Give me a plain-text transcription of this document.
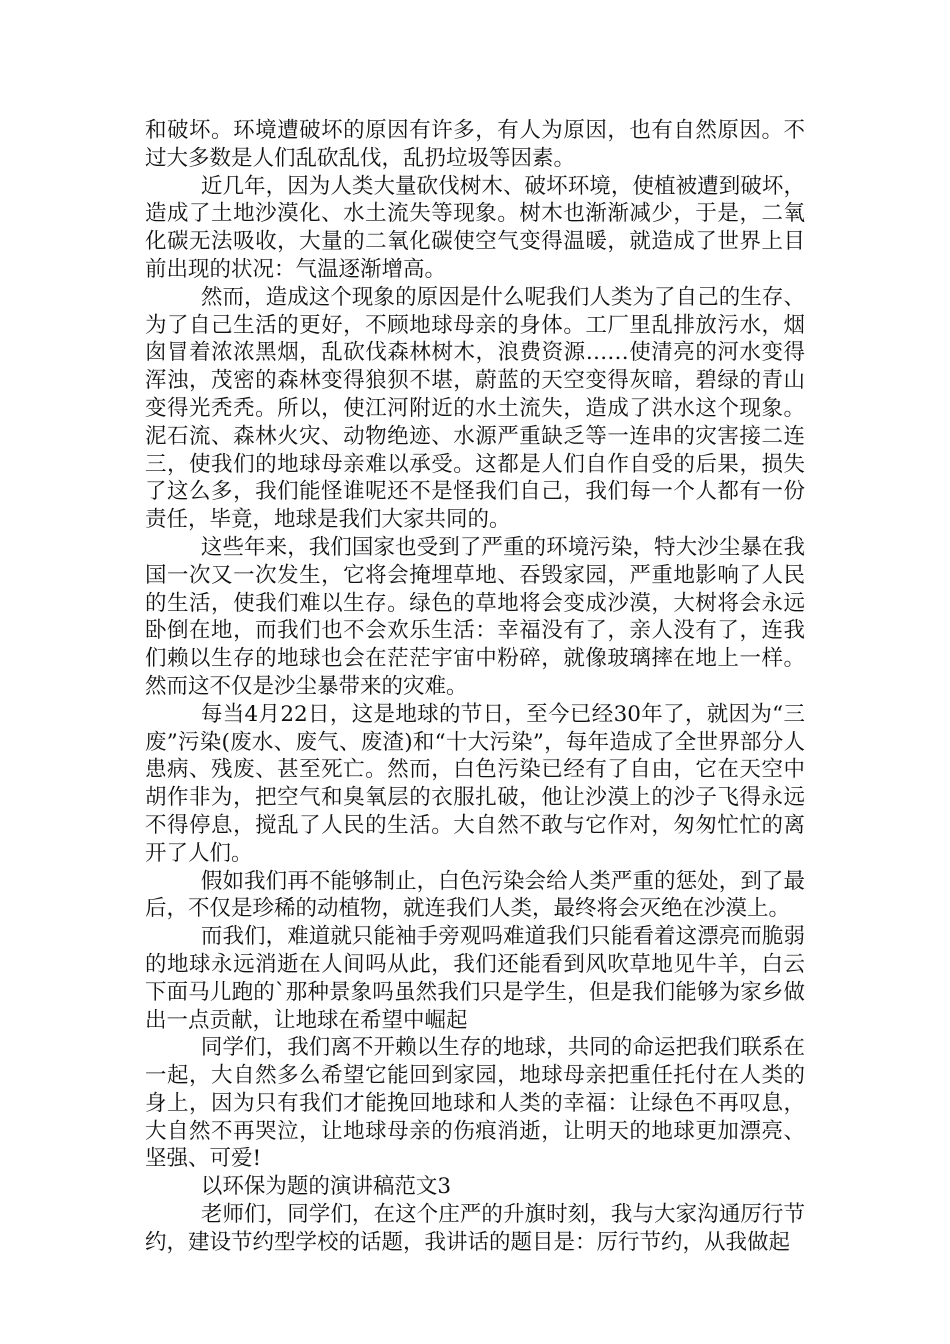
和破坏。环境遭破坏的原因有许多，有人为原因，也有自然原因。不过大多数是人们乱砍乱伐，乱扔垃圾等因素。

近几年，因为人类大量砍伐树木、破坏环境，使植被遭到破坏，造成了土地沙漠化、水土流失等现象。树木也渐渐减少，于是，二氧化碳无法吸收，大量的二氧化碳使空气变得温暖，就造成了世界上目前出现的状况：气温逐渐增高。

然而，造成这个现象的原因是什么呢我们人类为了自己的生存、为了自己生活的更好，不顾地球母亲的身体。工厂里乱排放污水，烟囱冒着浓浓黑烟，乱砍伐森林树木，浪费资源……使清亮的河水变得浑浊，茂密的森林变得狼狈不堪，蔚蓝的天空变得灰暗，碧绿的青山变得光秃秃。所以，使江河附近的水土流失，造成了洪水这个现象。泥石流、森林火灾、动物绝迹、水源严重缺乏等一连串的灾害接二连三，使我们的地球母亲难以承受。这都是人们自作自受的后果，损失了这么多，我们能怪谁呢还不是怪我们自己，我们每一个人都有一份责任，毕竟，地球是我们大家共同的。

这些年来，我们国家也受到了严重的环境污染，特大沙尘暴在我国一次又一次发生，它将会掩埋草地、吞毁家园，严重地影响了人民的生活，使我们难以生存。绿色的草地将会变成沙漠，大树将会永远卧倒在地，而我们也不会欢乐生活：幸福没有了，亲人没有了，连我们赖以生存的地球也会在茫茫宇宙中粉碎，就像玻璃摔在地上一样。然而这不仅是沙尘暴带来的灾难。

每当4月22日，这是地球的节日，至今已经30年了，就因为“三废”污染(废水、废气、废渣)和“十大污染”，每年造成了全世界部分人患病、残废、甚至死亡。然而，白色污染已经有了自由，它在天空中胡作非为，把空气和臭氧层的衣服扎破，他让沙漠上的沙子飞得永远不得停息，搅乱了人民的生活。大自然不敢与它作对，匆匆忙忙的离开了人们。

假如我们再不能够制止，白色污染会给人类严重的惩处，到了最后，不仅是珍稀的动植物，就连我们人类，最终将会灭绝在沙漠上。

而我们，难道就只能袖手旁观吗难道我们只能看着这漂亮而脆弱的地球永远消逝在人间吗从此，我们还能看到风吹草地见牛羊，白云下面马儿跑的`那种景象吗虽然我们只是学生，但是我们能够为家乡做出一点贡献，让地球在希望中崛起

同学们，我们离不开赖以生存的地球，共同的命运把我们联系在一起，大自然多么希望它能回到家园，地球母亲把重任托付在人类的身上，因为只有我们才能挽回地球和人类的幸福：让绿色不再叹息，大自然不再哭泣，让地球母亲的伤痕消逝，让明天的地球更加漂亮、坚强、可爱!

以环保为题的演讲稿范文3

老师们，同学们，在这个庄严的升旗时刻，我与大家沟通厉行节约，建设节约型学校的话题，我讲话的题目是：厉行节约，从我做起
